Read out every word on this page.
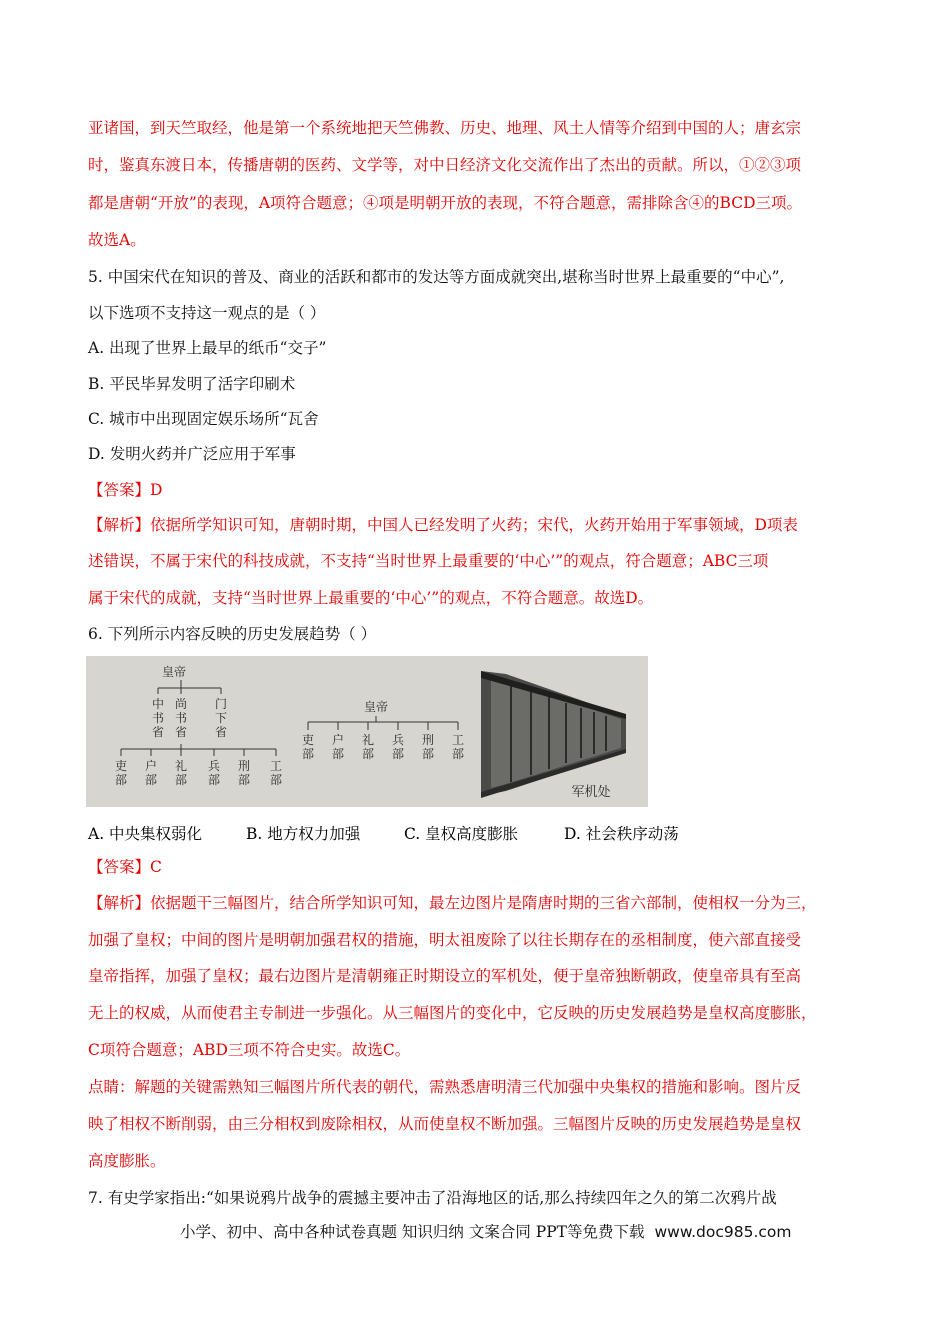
亚诸国，到天竺取经，他是第一个系统地把天竺佛教、历史、地理、风土人情等介绍到中国的人；唐玄宗
时，鉴真东渡日本，传播唐朝的医药、文学等，对中日经济文化交流作出了杰出的贡献。所以，①②③项
都是唐朝“开放”的表现，A项符合题意；④项是明朝开放的表现，不符合题意，需排除含④的BCD三项。
故选A。
5. 中国宋代在知识的普及、商业的活跃和都市的发达等方面成就突出,堪称当时世界上最重要的“中心”,
以下选项不支持这一观点的是（ ）
A. 出现了世界上最早的纸币“交子”
B. 平民毕昇发明了活字印刷术
C. 城市中出现固定娱乐场所“瓦舍
D. 发明火药并广泛应用于军事
【答案】D
【解析】依据所学知识可知，唐朝时期，中国人已经发明了火药；宋代，火药开始用于军事领域，D项表
述错误，不属于宋代的科技成就，不支持“当时世界上最重要的‘中心’”的观点，符合题意；ABC三项
属于宋代的成就，支持“当时世界上最重要的‘中心’”的观点，不符合题意。故选D。
6. 下列所示内容反映的历史发展趋势（ ）
皇帝
中书省
尚书省
门下省
吏部
户部
礼部
兵部
刑部
工部
皇帝
吏部
户部
礼部
兵部
刑部
工部
军机处
A. 中央集权弱化	B. 地方权力加强	C. 皇权高度膨胀	D. 社会秩序动荡
【答案】C
【解析】依据题干三幅图片，结合所学知识可知，最左边图片是隋唐时期的三省六部制，使相权一分为三，
加强了皇权；中间的图片是明朝加强君权的措施，明太祖废除了以往长期存在的丞相制度，使六部直接受
皇帝指挥，加强了皇权；最右边图片是清朝雍正时期设立的军机处，便于皇帝独断朝政，使皇帝具有至高
无上的权威，从而使君主专制进一步强化。从三幅图片的变化中，它反映的历史发展趋势是皇权高度膨胀，
C项符合题意；ABD三项不符合史实。故选C。
点睛：解题的关键需熟知三幅图片所代表的朝代，需熟悉唐明清三代加强中央集权的措施和影响。图片反
映了相权不断削弱，由三分相权到废除相权，从而使皇权不断加强。三幅图片反映的历史发展趋势是皇权
高度膨胀。
7. 有史学家指出:“如果说鸦片战争的震撼主要冲击了沿海地区的话,那么持续四年之久的第二次鸦片战
小学、初中、高中各种试卷真题 知识归纳 文案合同 PPT等免费下载 www.doc985.com
